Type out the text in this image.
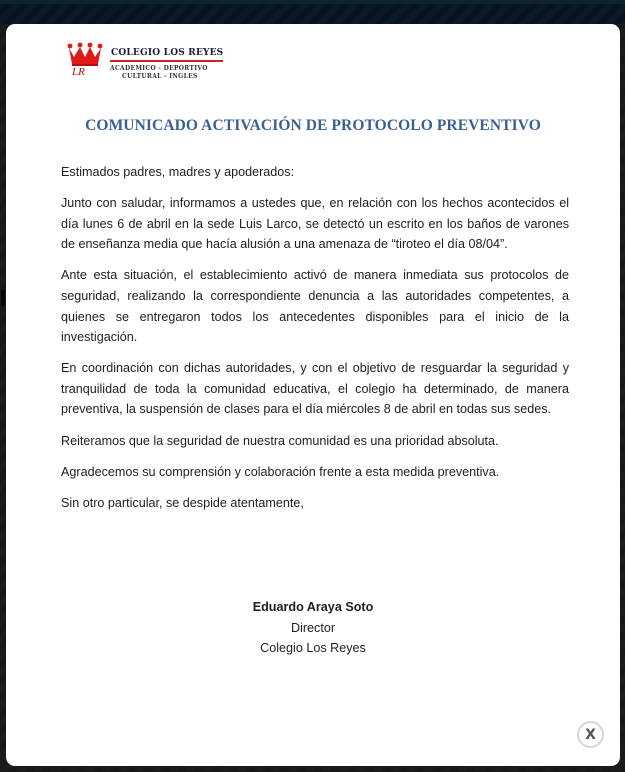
LR
COLEGIO LOS REYES
ACADEMICO - DEPORTIVO
CULTURAL - INGLES
COMUNICADO ACTIVACIÓN DE PROTOCOLO PREVENTIVO

Estimados padres, madres y apoderados:

Junto con saludar, informamos a ustedes que, en relación con los hechos acontecidos el día lunes 6 de abril en la sede Luis Larco, se detectó un escrito en los baños de varones de enseñanza media que hacía alusión a una amenaza de “tiroteo el día 08/04”.

Ante esta situación, el establecimiento activó de manera inmediata sus protocolos de seguridad, realizando la correspondiente denuncia a las autoridades competentes, a quienes se entregaron todos los antecedentes disponibles para el inicio de la investigación.

En coordinación con dichas autoridades, y con el objetivo de resguardar la seguridad y tranquilidad de toda la comunidad educativa, el colegio ha determinado, de manera preventiva, la suspensión de clases para el día miércoles 8 de abril en todas sus sedes.

Reiteramos que la seguridad de nuestra comunidad es una prioridad absoluta.

Agradecemos su comprensión y colaboración frente a esta medida preventiva.

Sin otro particular, se despide atentamente,

Eduardo Araya Soto
Director
Colegio Los Reyes
X
